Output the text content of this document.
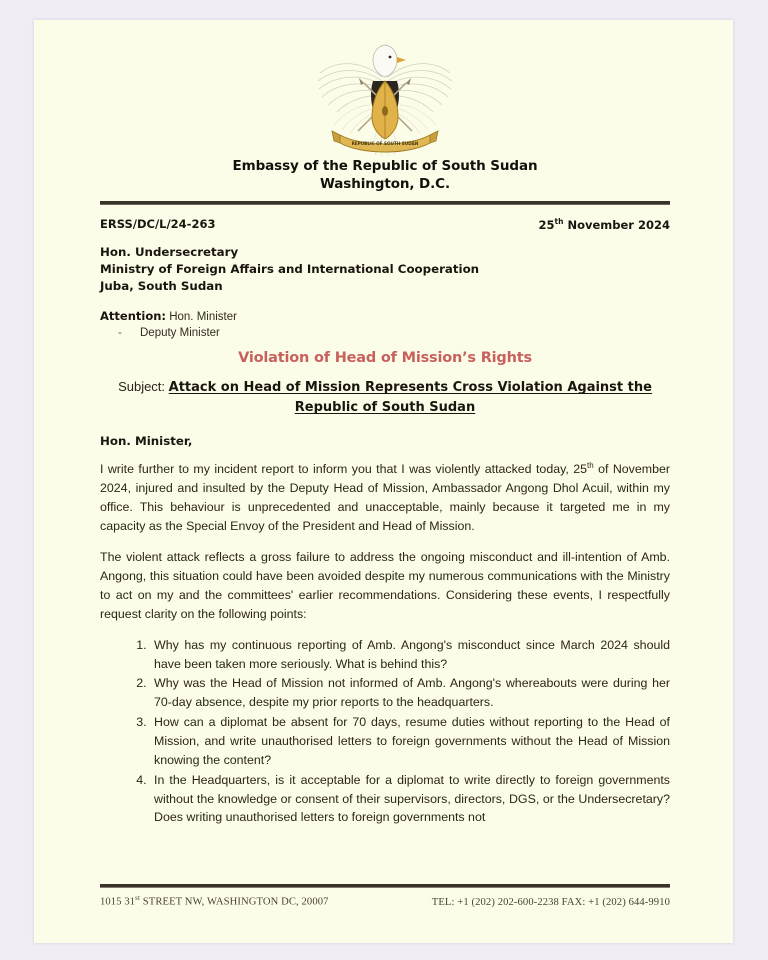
REPUBLIC OF SOUTH SUDAN
Embassy of the Republic of South Sudan
Washington, D.C.
ERSS/DC/L/24-263	25th November 2024
Hon. Undersecretary
Ministry of Foreign Affairs and International Cooperation
Juba, South Sudan
Attention: Hon. Minister
- Deputy Minister
Violation of Head of Mission’s Rights
Subject: Attack on Head of Mission Represents Cross Violation Against the Republic of South Sudan
Hon. Minister,

I write further to my incident report to inform you that I was violently attacked today, 25th of November 2024, injured and insulted by the Deputy Head of Mission, Ambassador Angong Dhol Acuil, within my office. This behaviour is unprecedented and unacceptable, mainly because it targeted me in my capacity as the Special Envoy of the President and Head of Mission.

The violent attack reflects a gross failure to address the ongoing misconduct and ill-intention of Amb. Angong, this situation could have been avoided despite my numerous communications with the Ministry to act on my and the committees' earlier recommendations. Considering these events, I respectfully request clarity on the following points:

1. Why has my continuous reporting of Amb. Angong's misconduct since March 2024 should have been taken more seriously. What is behind this?
2. Why was the Head of Mission not informed of Amb. Angong's whereabouts were during her 70-day absence, despite my prior reports to the headquarters.
3. How can a diplomat be absent for 70 days, resume duties without reporting to the Head of Mission, and write unauthorised letters to foreign governments without the Head of Mission knowing the content?
4. In the Headquarters, is it acceptable for a diplomat to write directly to foreign governments without the knowledge or consent of their supervisors, directors, DGS, or the Undersecretary? Does writing unauthorised letters to foreign governments not
1015 31st STREET NW, WASHINGTON DC, 20007	TEL: +1 (202) 202-600-2238 FAX: +1 (202) 644-9910
